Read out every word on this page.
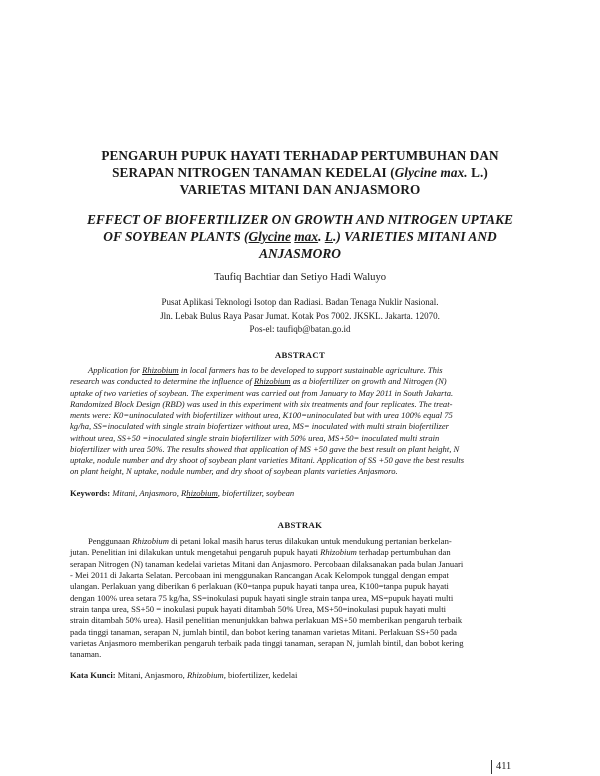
PENGARUH PUPUK HAYATI TERHADAP PERTUMBUHAN DAN
SERAPAN NITROGEN TANAMAN KEDELAI (Glycine max. L.)
VARIETAS MITANI DAN ANJASMORO
EFFECT OF BIOFERTILIZER ON GROWTH AND NITROGEN UPTAKE
OF SOYBEAN PLANTS (Glycine max. L.) VARIETIES MITANI AND
ANJASMORO
Taufiq Bachtiar dan Setiyo Hadi Waluyo
Pusat Aplikasi Teknologi Isotop dan Radiasi. Badan Tenaga Nuklir Nasional.
Jln. Lebak Bulus Raya Pasar Jumat. Kotak Pos 7002. JKSKL. Jakarta. 12070.
Pos-el: taufiqb@batan.go.id
ABSTRACT
Application for Rhizobium in local farmers has to be developed to support sustainable agriculture. This
research was conducted to determine the influence of Rhizobium as a biofertilizer on growth and Nitrogen (N)
uptake of two varieties of soybean. The experiment was carried out from January to May 2011 in South Jakarta.
Randomized Block Design (RBD) was used in this experiment with six treatments and four replicates. The treat-
ments were: K0=uninoculated with biofertilizer without urea, K100=uninoculated but with urea 100% equal 75
kg/ha, SS=inoculated with single strain biofertizer without urea, MS= inoculated with multi strain biofertilizer
without urea, SS+50 =inoculated single strain biofertilizer with 50% urea, MS+50= inoculated multi strain
biofertilizer with urea 50%. The results showed that application of MS +50 gave the best result on plant height, N
uptake, nodule number and dry shoot of soybean plant varieties Mitani. Application of SS +50 gave the best results
on plant height, N uptake, nodule number, and dry shoot of soybean plants varieties Anjasmoro.
Keywords: Mitani, Anjasmoro, Rhizobium, biofertilizer, soybean
ABSTRAK
Penggunaan Rhizobium di petani lokal masih harus terus dilakukan untuk mendukung pertanian berkelan-
jutan. Penelitian ini dilakukan untuk mengetahui pengaruh pupuk hayati Rhizobium terhadap pertumbuhan dan
serapan Nitrogen (N) tanaman kedelai varietas Mitani dan Anjasmoro. Percobaan dilaksanakan pada bulan Januari
- Mei 2011 di Jakarta Selatan. Percobaan ini menggunakan Rancangan Acak Kelompok tunggal dengan empat
ulangan. Perlakuan yang diberikan 6 perlakuan (K0=tanpa pupuk hayati tanpa urea, K100=tanpa pupuk hayati
dengan 100% urea setara 75 kg/ha, SS=inokulasi pupuk hayati single strain tanpa urea, MS=pupuk hayati multi
strain tanpa urea, SS+50 = inokulasi pupuk hayati ditambah 50% Urea, MS+50=inokulasi pupuk hayati multi
strain ditambah 50% urea). Hasil penelitian menunjukkan bahwa perlakuan MS+50 memberikan pengaruh terbaik
pada tinggi tanaman, serapan N, jumlah bintil, dan bobot kering tanaman varietas Mitani. Perlakuan SS+50 pada
varietas Anjasmoro memberikan pengaruh terbaik pada tinggi tanaman, serapan N, jumlah bintil, dan bobot kering
tanaman.
Kata Kunci: Mitani, Anjasmoro, Rhizobium, biofertilizer, kedelai
411
